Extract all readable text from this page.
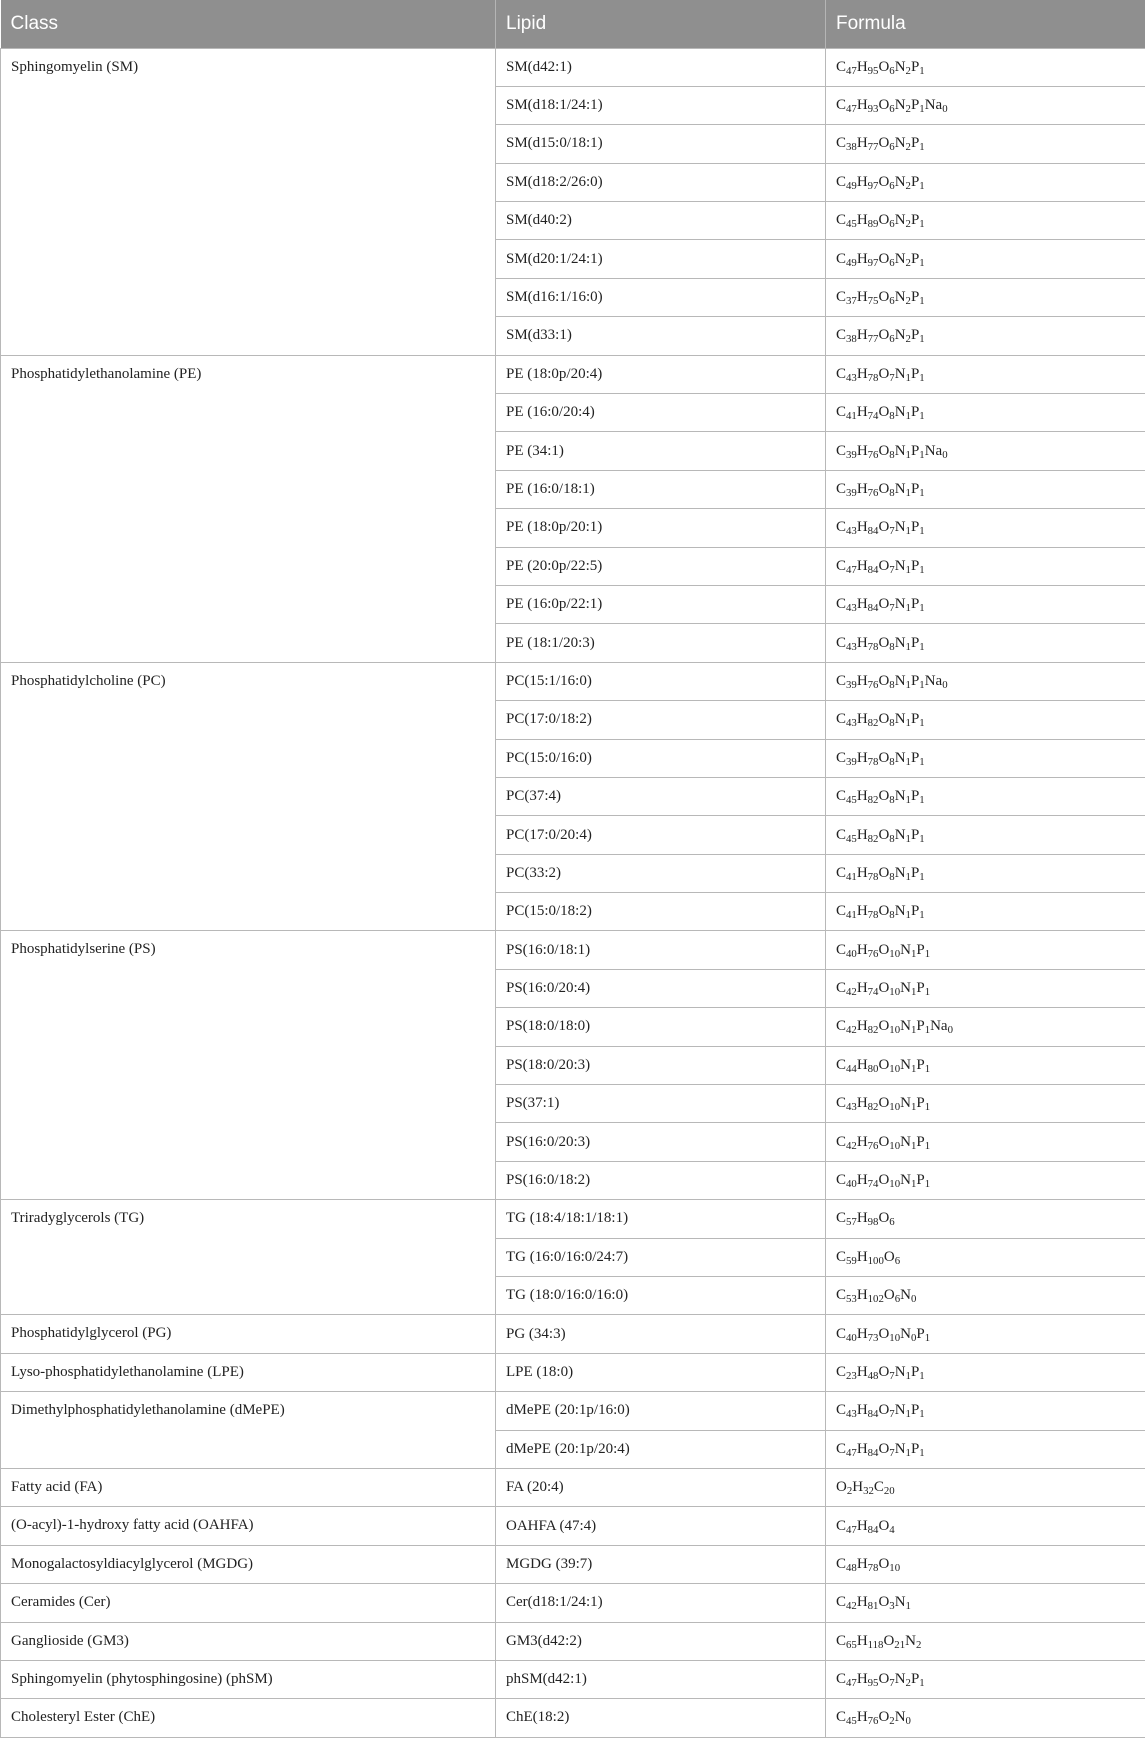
Class	Lipid	Formula
Sphingomyelin (SM)	SM(d42:1)	$C_{47}H_{95}O_6N_2P_1$
	SM(d18:1/24:1)	$C_{47}H_{93}O_6N_2P_1Na_0$
	SM(d15:0/18:1)	$C_{38}H_{77}O_6N_2P_1$
	SM(d18:2/26:0)	$C_{49}H_{97}O_6N_2P_1$
	SM(d40:2)	$C_{45}H_{89}O_6N_2P_1$
	SM(d20:1/24:1)	$C_{49}H_{97}O_6N_2P_1$
	SM(d16:1/16:0)	$C_{37}H_{75}O_6N_2P_1$
	SM(d33:1)	$C_{38}H_{77}O_6N_2P_1$
Phosphatidylethanolamine (PE)	PE (18:0p/20:4)	$C_{43}H_{78}O_7N_1P_1$
	PE (16:0/20:4)	$C_{41}H_{74}O_8N_1P_1$
	PE (34:1)	$C_{39}H_{76}O_8N_1P_1Na_0$
	PE (16:0/18:1)	$C_{39}H_{76}O_8N_1P_1$
	PE (18:0p/20:1)	$C_{43}H_{84}O_7N_1P_1$
	PE (20:0p/22:5)	$C_{47}H_{84}O_7N_1P_1$
	PE (16:0p/22:1)	$C_{43}H_{84}O_7N_1P_1$
	PE (18:1/20:3)	$C_{43}H_{78}O_8N_1P_1$
Phosphatidylcholine (PC)	PC(15:1/16:0)	$C_{39}H_{76}O_8N_1P_1Na_0$
	PC(17:0/18:2)	$C_{43}H_{82}O_8N_1P_1$
	PC(15:0/16:0)	$C_{39}H_{78}O_8N_1P_1$
	PC(37:4)	$C_{45}H_{82}O_8N_1P_1$
	PC(17:0/20:4)	$C_{45}H_{82}O_8N_1P_1$
	PC(33:2)	$C_{41}H_{78}O_8N_1P_1$
	PC(15:0/18:2)	$C_{41}H_{78}O_8N_1P_1$
Phosphatidylserine (PS)	PS(16:0/18:1)	$C_{40}H_{76}O_{10}N_1P_1$
	PS(16:0/20:4)	$C_{42}H_{74}O_{10}N_1P_1$
	PS(18:0/18:0)	$C_{42}H_{82}O_{10}N_1P_1Na_0$
	PS(18:0/20:3)	$C_{44}H_{80}O_{10}N_1P_1$
	PS(37:1)	$C_{43}H_{82}O_{10}N_1P_1$
	PS(16:0/20:3)	$C_{42}H_{76}O_{10}N_1P_1$
	PS(16:0/18:2)	$C_{40}H_{74}O_{10}N_1P_1$
Triradyglycerols (TG)	TG (18:4/18:1/18:1)	$C_{57}H_{98}O_6$
	TG (16:0/16:0/24:7)	$C_{59}H_{100}O_6$
	TG (18:0/16:0/16:0)	$C_{53}H_{102}O_6N_0$
Phosphatidylglycerol (PG)	PG (34:3)	$C_{40}H_{73}O_{10}N_0P_1$
Lyso-phosphatidylethanolamine (LPE)	LPE (18:0)	$C_{23}H_{48}O_7N_1P_1$
Dimethylphosphatidylethanolamine (dMePE)	dMePE (20:1p/16:0)	$C_{43}H_{84}O_7N_1P_1$
	dMePE (20:1p/20:4)	$C_{47}H_{84}O_7N_1P_1$
Fatty acid (FA)	FA (20:4)	$O_2H_{32}C_{20}$
(O-acyl)-1-hydroxy fatty acid (OAHFA)	OAHFA (47:4)	$C_{47}H_{84}O_4$
Monogalactosyldiacylglycerol (MGDG)	MGDG (39:7)	$C_{48}H_{78}O_{10}$
Ceramides (Cer)	Cer(d18:1/24:1)	$C_{42}H_{81}O_3N_1$
Ganglioside (GM3)	GM3(d42:2)	$C_{65}H_{118}O_{21}N_2$
Sphingomyelin (phytosphingosine) (phSM)	phSM(d42:1)	$C_{47}H_{95}O_7N_2P_1$
Cholesteryl Ester (ChE)	ChE(18:2)	$C_{45}H_{76}O_2N_0$
